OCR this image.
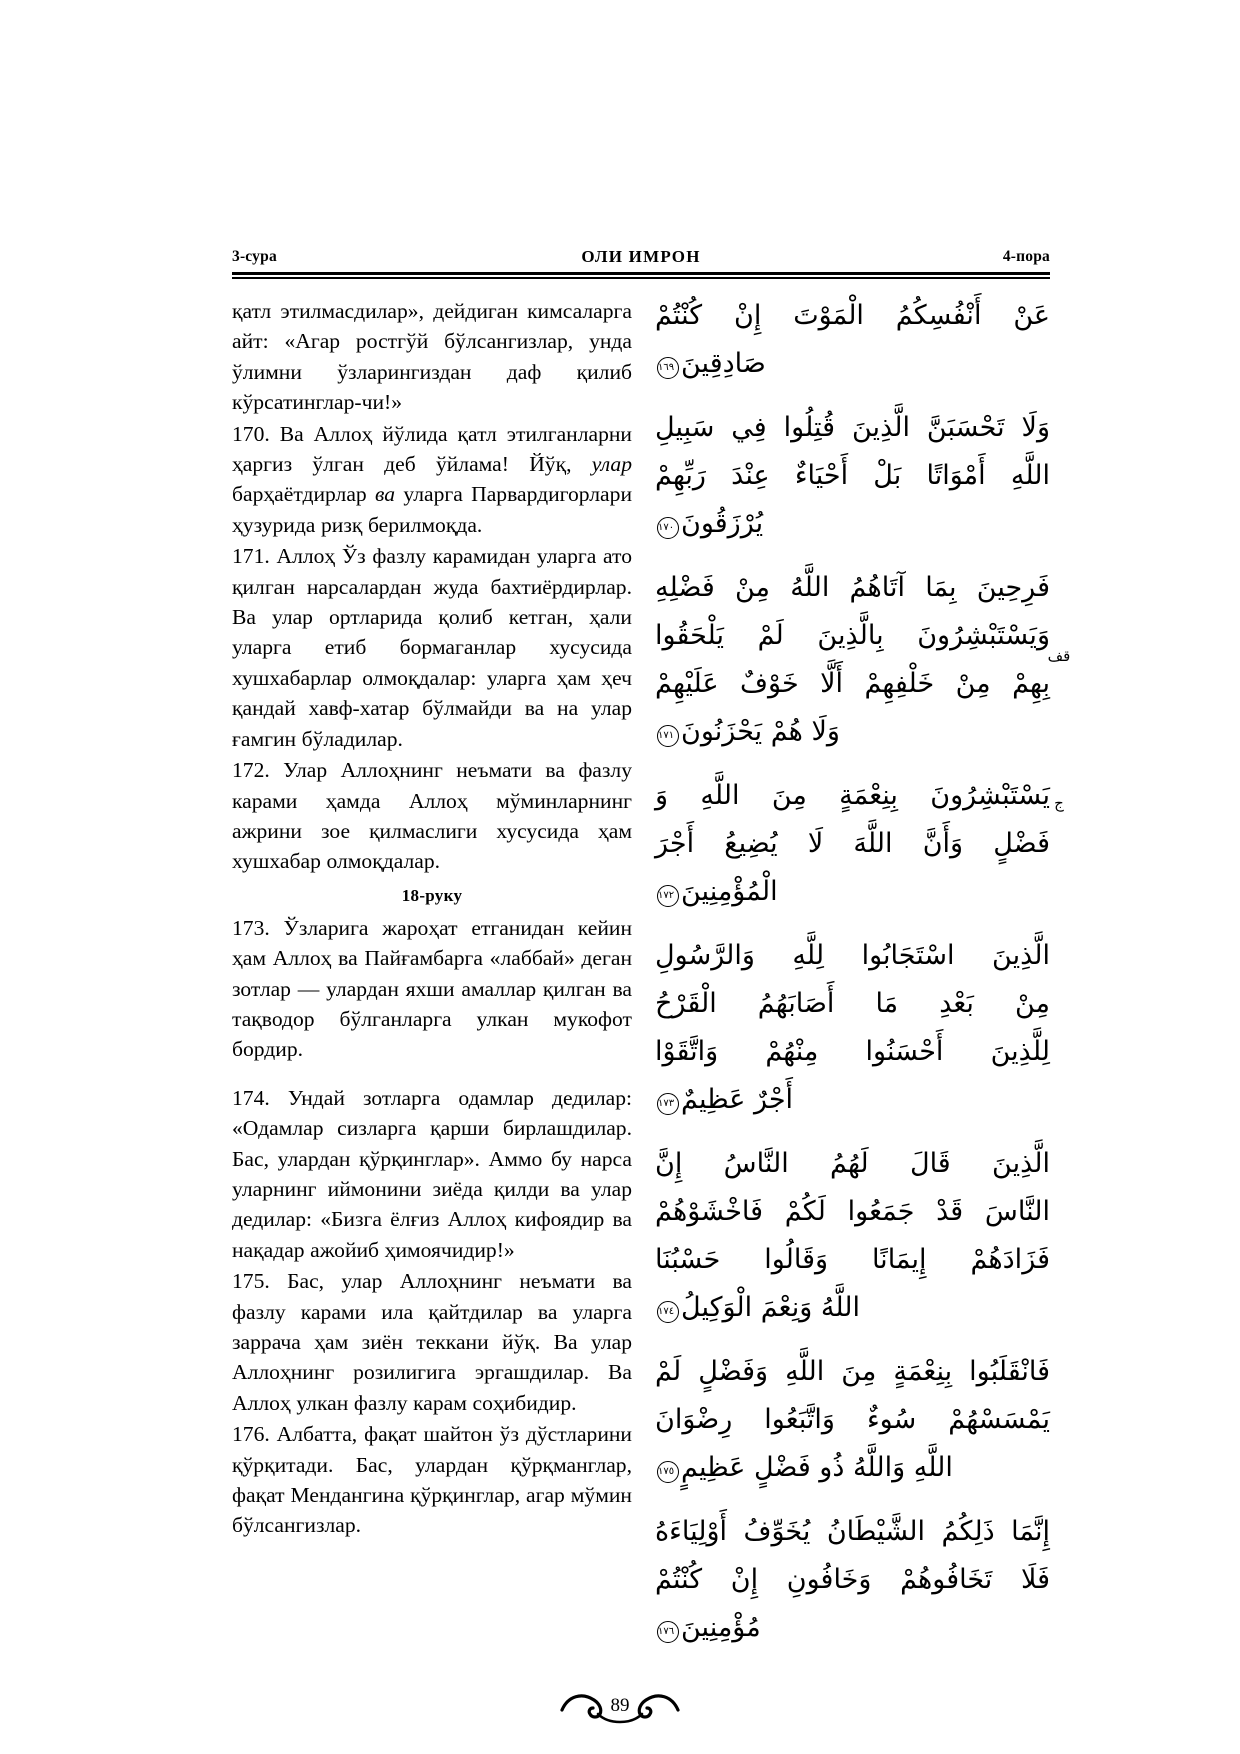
3-сура	ОЛИ ИМРОН	4-пора

қатл этилмасдилар», дейдиган кимсаларга айт: «Агар ростгўй бўлсангизлар, унда ўлимни ўзларингиздан даф қилиб кўрсатинглар-чи!»

170. Ва Аллоҳ йўлида қатл этилганларни ҳаргиз ўлган деб ўйлама! Йўқ, улар барҳаётдирлар ва уларга Парвардигорлари ҳузурида ризқ берилмоқда.

171. Аллоҳ Ўз фазлу карамидан уларга ато қилган нарсалардан жуда бахтиёрдирлар. Ва улар ортларида қолиб кетган, ҳали уларга етиб бормаганлар хусусида хушхабарлар олмоқдалар: уларга ҳам ҳеч қандай хавф-хатар бўлмайди ва на улар ғамгин бўладилар.

172. Улар Аллоҳнинг неъмати ва фазлу карами ҳамда Аллоҳ мўминларнинг ажрини зое қилмаслиги хусусида ҳам хушхабар олмоқдалар.

18-руку

173. Ўзларига жароҳат етганидан кейин ҳам Аллоҳ ва Пайғамбарга «лаббай» деган зотлар — улардан яхши амаллар қилган ва тақводор бўлганларга улкан мукофот бордир.

174. Ундай зотларга одамлар дедилар: «Одамлар сизларга қарши бирлашдилар. Бас, улардан қўрқинглар». Аммо бу нарса уларнинг иймонини зиёда қилди ва улар дедилар: «Бизга ёлғиз Аллоҳ кифоядир ва нақадар ажойиб ҳимоячидир!»

175. Бас, улар Аллоҳнинг неъмати ва фазлу карами ила қайтдилар ва уларга заррача ҳам зиён теккани йўқ. Ва улар Аллоҳнинг розилигига эргашдилар. Ва Аллоҳ улкан фазлу карам соҳибидир.

176. Албатта, фақат шайтон ўз дўстларини қўрқитади. Бас, улардан қўрқманглар, фақат Мендангина қўрқинглар, агар мўмин бўлсангизлар.

عَنْ أَنْفُسِكُمُ الْمَوْتَ إِنْ كُنْتُمْ
صَادِقِينَ١٦٩
وَلَا تَحْسَبَنَّ الَّذِينَ قُتِلُوا فِي سَبِيلِ
اللَّهِ أَمْوَاتًا بَلْ أَحْيَاءٌ عِنْدَ رَبِّهِمْ
يُرْزَقُونَ١٧٠
فَرِحِينَ بِمَا آتَاهُمُ اللَّهُ مِنْ فَضْلِهِ
وَيَسْتَبْشِرُونَ بِالَّذِينَ لَمْ يَلْحَقُوا
بِهِمْ مِنْ خَلْفِهِمْ أَلَّا خَوْفٌ عَلَيْهِمْ
وَلَا هُمْ يَحْزَنُونَ١٧١
يَسْتَبْشِرُونَ بِنِعْمَةٍ مِنَ اللَّهِ وَ
فَضْلٍ وَأَنَّ اللَّهَ لَا يُضِيعُ أَجْرَ
الْمُؤْمِنِينَ١٧٢
الَّذِينَ اسْتَجَابُوا لِلَّهِ وَالرَّسُولِ
مِنْ بَعْدِ مَا أَصَابَهُمُ الْقَرْحُ
لِلَّذِينَ أَحْسَنُوا مِنْهُمْ وَاتَّقَوْا
أَجْرٌ عَظِيمٌ١٧٣
الَّذِينَ قَالَ لَهُمُ النَّاسُ إِنَّ
النَّاسَ قَدْ جَمَعُوا لَكُمْ فَاخْشَوْهُمْ
فَزَادَهُمْ إِيمَانًا وَقَالُوا حَسْبُنَا
اللَّهُ وَنِعْمَ الْوَكِيلُ١٧٤
فَانْقَلَبُوا بِنِعْمَةٍ مِنَ اللَّهِ وَفَضْلٍ لَمْ
يَمْسَسْهُمْ سُوءٌ وَاتَّبَعُوا رِضْوَانَ
اللَّهِ وَاللَّهُ ذُو فَضْلٍ عَظِيمٍ١٧٥
إِنَّمَا ذَلِكُمُ الشَّيْطَانُ يُخَوِّفُ أَوْلِيَاءَهُ
فَلَا تَخَافُوهُمْ وَخَافُونِ إِنْ كُنْتُمْ
مُؤْمِنِينَ١٧٦
قف
ج
89
